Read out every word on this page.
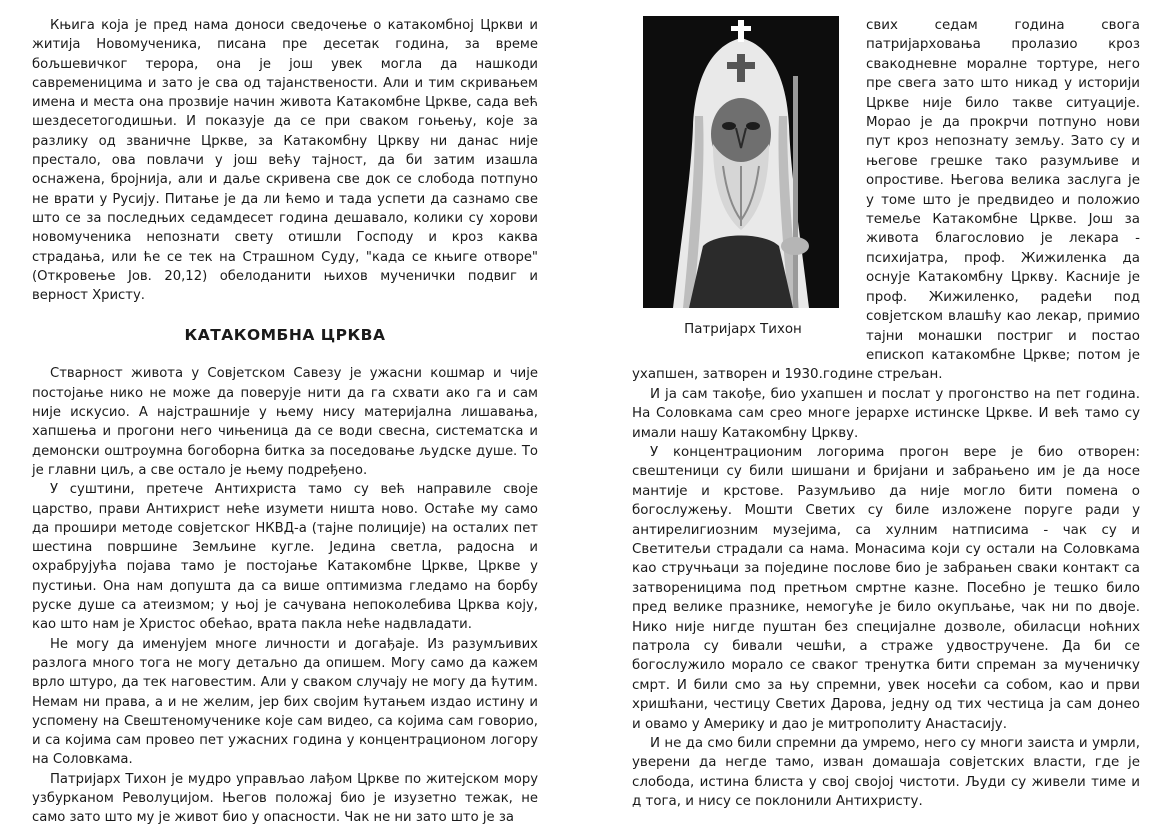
Књига која је пред нама доноси сведочење о катакомбној Цркви и житија Новомученика, писана пре десетак година, за време бољшевичког терора, она је још увек могла да нашкоди савременицима и зато је сва од тајанствености. Али и тим скривањем имена и места она прозвије начин живота Катакомбне Цркве, сада већ шездесетогодишњи. И показује да се при сваком гоњењу, које за разлику од званичне Цркве, за Катакомбну Цркву ни данас није престало, ова повлачи у још већу тајност, да би затим изашла оснажена, бројнија, али и даље скривена све док се слобода потпуно не врати у Русију. Питање је да ли ћемо и тада успети да сазнамо све што се за последњих седамдесет година дешавало, колики су хорови новомученика непознати свету отишли Господу и кроз каква страдања, или ће се тек на Страшном Суду, "када се књиге отворе" (Откровење Јов. 20,12) обелоданити њихов мученички подвиг и верност Христу.

КАТАКОМБНА ЦРКВА

Стварност живота у Совјетском Савезу је ужасни кошмар и чије постојање нико не може да поверује нити да га схвати ако га и сам није искусио. А најстрашније у њему нису материјална лишавања, хапшења и прогони него чињеница да се води свесна, систематска и демонски оштроумна богоборна битка за поседовање људске душе. То је главни циљ, а све остало је њему подређено.

У суштини, претече Антихриста тамо су већ направиле своје царство, прави Антихрист неће изумети ништа ново. Остаће му само да прошири методе совјетског НКВД-а (тајне полиције) на осталих пет шестина површине Земљине кугле. Једина светла, радосна и охрабрујућа појава тамо је постојање Катакомбне Цркве, Цркве у пустињи. Она нам допушта да са више оптимизма гледамо на борбу руске душе са атеизмом; у њој је сачувана непоколебива Црква коју, као што нам је Христос обећао, врата пакла неће надвладати.

Не могу да именујем многе личности и догађаје. Из разумљивих разлога много тога не могу детаљно да опишем. Могу само да кажем врло штуро, да тек наговестим. Али у сваком случају не могу да ћутим. Немам ни права, а и не желим, јер бих својим ћутањем издао истину и успомену на Свештеномученике које сам видео, са којима сам говорио, и са којима сам провео пет ужасних година у концентрационом логору на Соловкама.

Патријарх Тихон је мудро управљао лађом Цркве по житејском мору узбурканом Револуцијом. Његов положај био је изузетно тежак, не само зато што му је живот био у опасности. Чак не ни зато што је за

Патријарх Тихон

свих седам година свога патријарховања пролазио кроз свакодневне моралне тортуре, него пре свега зато што никад у историји Цркве није било такве ситуације. Морао је да прокрчи потпуно нови пут кроз непознату земљу. Зато су и његове грешке тако разумљиве и опростиве. Његова велика заслуга је у томе што је предвидео и положио темеље Катакомбне Цркве. Још за живота благословио је лекара - психијатра, проф. Жижиленка да оснује Катакомбну Цркву. Касније је проф. Жижиленко, радећи под совјетском влашћу као лекар, примио тајни монашки постриг и постао епископ катакомбне Цркве; потом је ухапшен, затворен и 1930.године стрељан.

И ја сам такође, био ухапшен и послат у прогонство на пет година. На Соловкама сам срео многе јерархе истинске Цркве. И већ тамо су имали нашу Катакомбну Цркву.

У концентрационим логорима прогон вере је био отворен: свештеници су били шишани и бријани и забрањено им је да носе мантије и крстове. Разумљиво да није могло бити помена о богослужењу. Мошти Светих су биле изложене поруге ради у антирелигиозним музејима, са хулним натписима - чак су и Светитељи страдали са нама. Монасима који су остали на Соловкама као стручњаци за поједине послове био је забрањен сваки контакт са затвореницима под претњом смртне казне. Посебно је тешко било пред велике празнике, немогуће је било окупљање, чак ни по двоје. Нико није нигде пуштан без специјалне дозволе, обиласци ноћних патрола су бивали чешћи, а страже удвостручене. Да би се богослужило морало се сваког тренутка бити спреман за мученичку смрт. И били смо за њу спремни, увек носећи са собом, као и први хришћани, честицу Светих Дарова, једну од тих честица ја сам донео и овамо у Америку и дао је митрополиту Анастасију.

И не да смо били спремни да умремо, него су многи заиста и умрли, уверени да негде тамо, изван домашаја совјетских власти, где је слобода, истина блиста у свој својој чистоти. Људи су живели тиме и д тога, и нису се поклонили Антихристу.
